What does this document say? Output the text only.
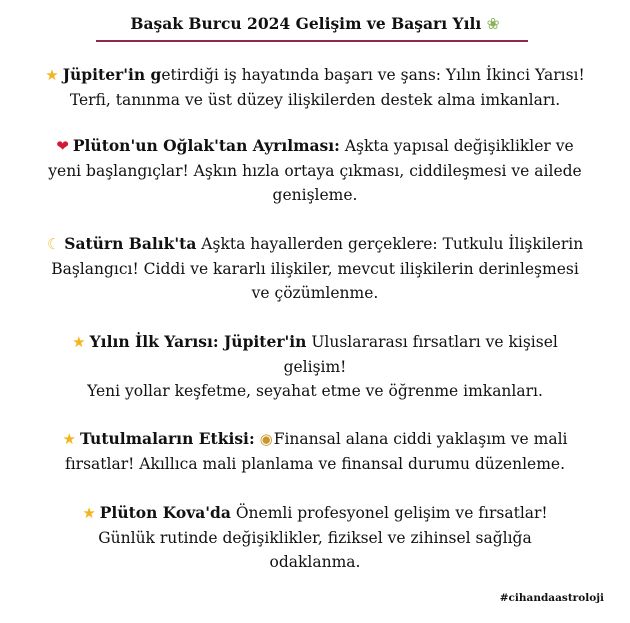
Başak Burcu 2024 Gelişim ve Başarı Yılı ❀
★ Jüpiter'in getirdiği iş hayatında başarı ve şans: Yılın İkinci Yarısı!
Terfi, tanınma ve üst düzey ilişkilerden destek alma imkanları.
❤ Plüton'un Oğlak'tan Ayrılması: Aşkta yapısal değişiklikler ve
yeni başlangıçlar! Aşkın hızla ortaya çıkması, ciddileşmesi ve ailede
genişleme.
☾ Satürn Balık'ta Aşkta hayallerden gerçeklere: Tutkulu İlişkilerin
Başlangıcı! Ciddi ve kararlı ilişkiler, mevcut ilişkilerin derinleşmesi
ve çözümlenme.
★ Yılın İlk Yarısı: Jüpiter'in Uluslararası fırsatları ve kişisel
gelişim!
Yeni yollar keşfetme, seyahat etme ve öğrenme imkanları.
★ Tutulmaların Etkisi: ◉Finansal alana ciddi yaklaşım ve mali
fırsatlar! Akıllıca mali planlama ve finansal durumu düzenleme.
★ Plüton Kova'da Önemli profesyonel gelişim ve fırsatlar!
Günlük rutinde değişiklikler, fiziksel ve zihinsel sağlığa
odaklanma.
#cihandaastroloji
